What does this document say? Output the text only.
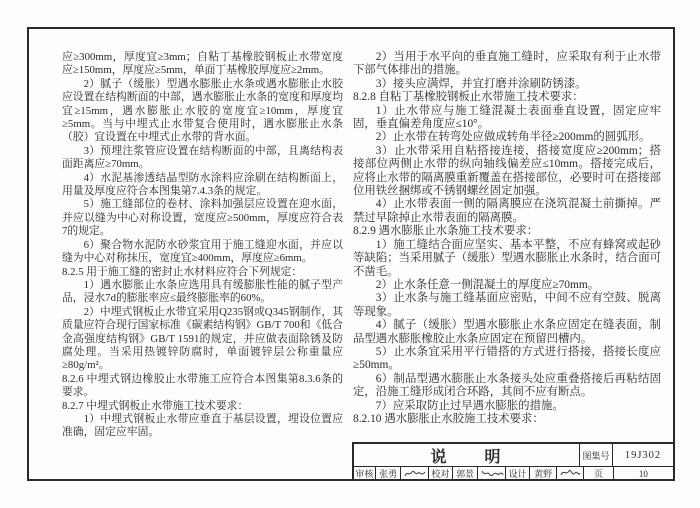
应≥300mm，厚度宜≥3mm；自粘丁基橡胶钢板止水带宽度应≥150mm，厚度应≥5mm，单面丁基橡胶厚度应≥2mm。

2）腻子（缓胀）型遇水膨胀止水条或遇水膨胀止水胶应设置在结构断面的中部，遇水膨胀止水条的宽度和厚度均宜≥15mm，遇水膨胀止水胶的宽度宜≥10mm，厚度宜≥5mm。当与中埋式止水带复合使用时，遇水膨胀止水条（胶）宜设置在中埋式止水带的背水面。

3）预埋注浆管应设置在结构断面的中部，且离结构表面距离应≥70mm。

4）水泥基渗透结晶型防水涂料应涂刷在结构断面上，用量及厚度应符合本图集第7.4.3条的规定。

5）施工缝部位的卷材、涂料加强层应设置在迎水面，并应以缝为中心对称设置，宽度应≥500mm，厚度应符合表7的规定。

6）聚合物水泥防水砂浆宜用于施工缝迎水面，并应以缝为中心对称抹压，宽度宜≥400mm，厚度应≥6mm。

8.2.5 用于施工缝的密封止水材料应符合下列规定：

1）遇水膨胀止水条应选用具有缓膨胀性能的腻子型产品，浸水7d的膨胀率应≤最终膨胀率的60%。

2）中埋式钢板止水带宜采用Q235钢或Q345钢制作，其质量应符合现行国家标准《碳素结构钢》GB/T 700和《低合金高强度结构钢》GB/T 1591的规定，并应做表面除锈及防腐处理。当采用热镀锌防腐时，单面镀锌层公称重量应≥80g/m²。

8.2.6 中埋式钢边橡胶止水带施工应符合本图集第8.3.6条的要求。

8.2.7 中埋式钢板止水带施工技术要求：

1）中埋式钢板止水带应垂直于基层设置，埋设位置应准确，固定应牢固。

2）当用于水平向的垂直施工缝时，应采取有利于止水带下部气体排出的措施。

3）接头应满焊，并宜打磨并涂刷防锈漆。

8.2.8 自粘丁基橡胶钢板止水带施工技术要求：

1）止水带应与施工缝混凝土表面垂直设置，固定应牢固，垂直偏差角度应≤10°。

2）止水带在转弯处应做成转角半径≥200mm的圆弧形。

3）止水带采用自粘搭接连接，搭接宽度应≥200mm；搭接部位两侧止水带的纵向轴线偏差应≤10mm。搭接完成后，应将止水带的隔离膜重新覆盖在搭接部位，必要时可在搭接部位用铁丝捆绑或不锈钢螺丝固定加强。

4）止水带表面一侧的隔离膜应在浇筑混凝土前撕掉。严禁过早除掉止水带表面的隔离膜。

8.2.9 遇水膨胀止水条施工技术要求：

1）施工缝结合面应坚实、基本平整，不应有蜂窝或起砂等缺陷；当采用腻子（缓胀）型遇水膨胀止水条时，结合面可不凿毛。

2）止水条任意一侧混凝土的厚度应≥70mm。

3）止水条与施工缝基面应密贴，中间不应有空鼓、脱离等现象。

4）腻子（缓胀）型遇水膨胀止水条应固定在缝表面，制品型遇水膨胀橡胶止水条应固定在预留凹槽内。

5）止水条宜采用平行错搭的方式进行搭接，搭接长度应≥50mm。

6）制品型遇水膨胀止水条接头处应重叠搭接后再粘结固定，沿施工缝形成闭合环路，其间不应有断点。

7）应采取防止过早遇水膨胀的措施。

8.2.10 遇水膨胀止水胶施工技术要求：

说　　明	图集号	19J302
审核 张勇	校对 郭景	设计 黄野	页	10
